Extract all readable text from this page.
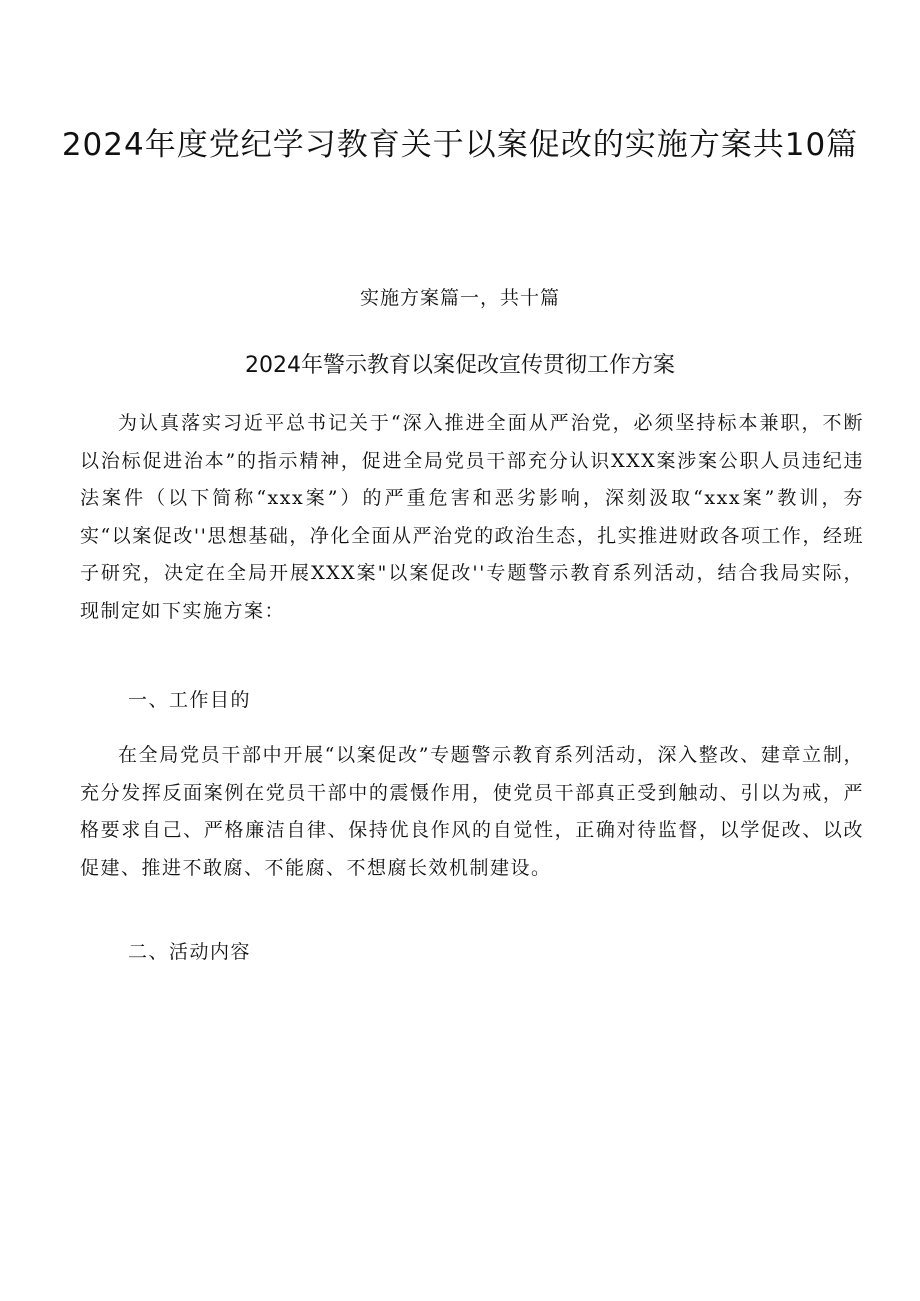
2024年度党纪学习教育关于以案促改的实施方案共10篇

实施方案篇一，共十篇

2024年警示教育以案促改宣传贯彻工作方案

为认真落实习近平总书记关于“深入推进全面从严治党，必须坚持标本兼职，不断以治标促进治本”的指示精神，促进全局党员干部充分认识XXX案涉案公职人员违纪违法案件（以下简称“xxx案”）的严重危害和恶劣影响，深刻汲取“xxx案”教训，夯实“以案促改''思想基础，净化全面从严治党的政治生态，扎实推进财政各项工作，经班子研究，决定在全局开展XXX案"以案促改''专题警示教育系列活动，结合我局实际，现制定如下实施方案：

一、工作目的

在全局党员干部中开展“以案促改”专题警示教育系列活动，深入整改、建章立制，充分发挥反面案例在党员干部中的震慑作用，使党员干部真正受到触动、引以为戒，严格要求自己、严格廉洁自律、保持优良作风的自觉性，正确对待监督，以学促改、以改促建、推进不敢腐、不能腐、不想腐长效机制建设。

二、活动内容
